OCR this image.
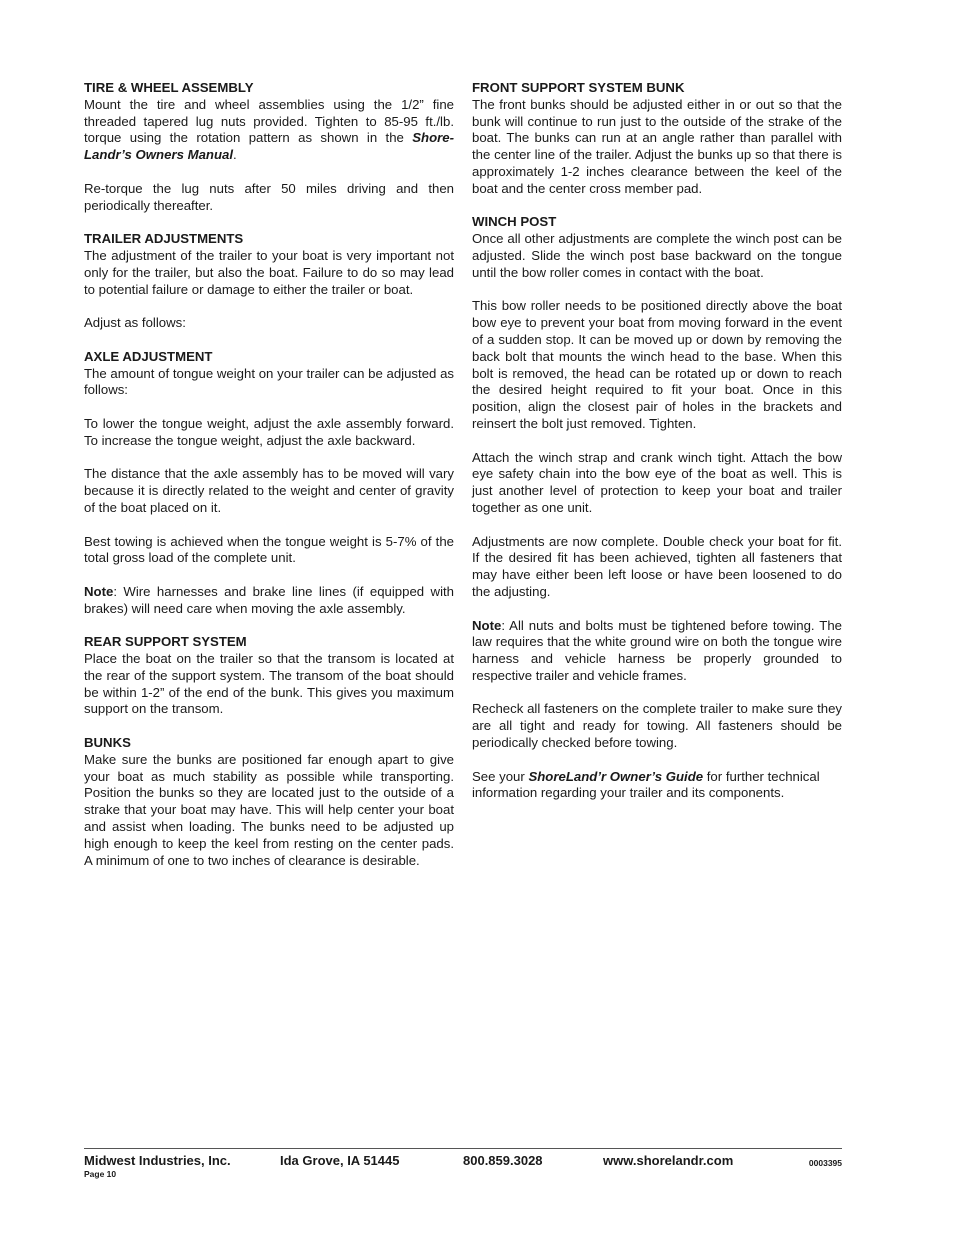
TIRE & WHEEL ASSEMBLY

Mount the tire and wheel assemblies using the 1/2” fine threaded tapered lug nuts provided. Tighten to 85-95 ft./lb. torque using the rotation pattern as shown in the Shore-Landr’s Owners Manual.

Re-torque the lug nuts after 50 miles driving and then periodically thereafter.

TRAILER ADJUSTMENTS

The adjustment of the trailer to your boat is very important not only for the trailer, but also the boat. Failure to do so may lead to potential failure or damage to either the trailer or boat.

Adjust as follows:

AXLE ADJUSTMENT

The amount of tongue weight on your trailer can be adjusted as follows:

To lower the tongue weight, adjust the axle assembly forward. To increase the tongue weight, adjust the axle backward.

The distance that the axle assembly has to be moved will vary because it is directly related to the weight and center of gravity of the boat placed on it.

Best towing is achieved when the tongue weight is 5-7% of the total gross load of the complete unit.

Note: Wire harnesses and brake line lines (if equipped with brakes) will need care when moving the axle assembly.

REAR SUPPORT SYSTEM

Place the boat on the trailer so that the transom is located at the rear of the support system. The transom of the boat should be within 1-2” of the end of the bunk. This gives you maximum support on the transom.

BUNKS

Make sure the bunks are positioned far enough apart to give your boat as much stability as possible while transporting. Position the bunks so they are located just to the outside of a strake that your boat may have. This will help center your boat and assist when loading. The bunks need to be adjusted up high enough to keep the keel from resting on the center pads. A minimum of one to two inches of clearance is desirable.

FRONT SUPPORT SYSTEM BUNK

The front bunks should be adjusted either in or out so that the bunk will continue to run just to the outside of the strake of the boat. The bunks can run at an angle rather than parallel with the center line of the trailer. Adjust the bunks up so that there is approximately 1-2 inches clearance between the keel of the boat and the center cross member pad.

WINCH POST

Once all other adjustments are complete the winch post can be adjusted. Slide the winch post base backward on the tongue until the bow roller comes in contact with the boat.

This bow roller needs to be positioned directly above the boat bow eye to prevent your boat from moving forward in the event of a sudden stop. It can be moved up or down by removing the back bolt that mounts the winch head to the base. When this bolt is removed, the head can be rotated up or down to reach the desired height required to fit your boat. Once in this position, align the closest pair of holes in the brackets and reinsert the bolt just removed. Tighten.

Attach the winch strap and crank winch tight. Attach the bow eye safety chain into the bow eye of the boat as well. This is just another level of protection to keep your boat and trailer together as one unit.

Adjustments are now complete. Double check your boat for fit. If the desired fit has been achieved, tighten all fasteners that may have either been left loose or have been loosened to do the adjusting.

Note: All nuts and bolts must be tightened before towing. The law requires that the white ground wire on both the tongue wire harness and vehicle harness be properly grounded to respective trailer and vehicle frames.

Recheck all fasteners on the complete trailer to make sure they are all tight and ready for towing. All fasteners should be periodically checked before towing.

See your ShoreLand’r Owner’s Guide for further technical information regarding your trailer and its components.

Midwest Industries, Inc.	Ida Grove, IA 51445	800.859.3028	www.shorelandr.com	0003395
Page 10
